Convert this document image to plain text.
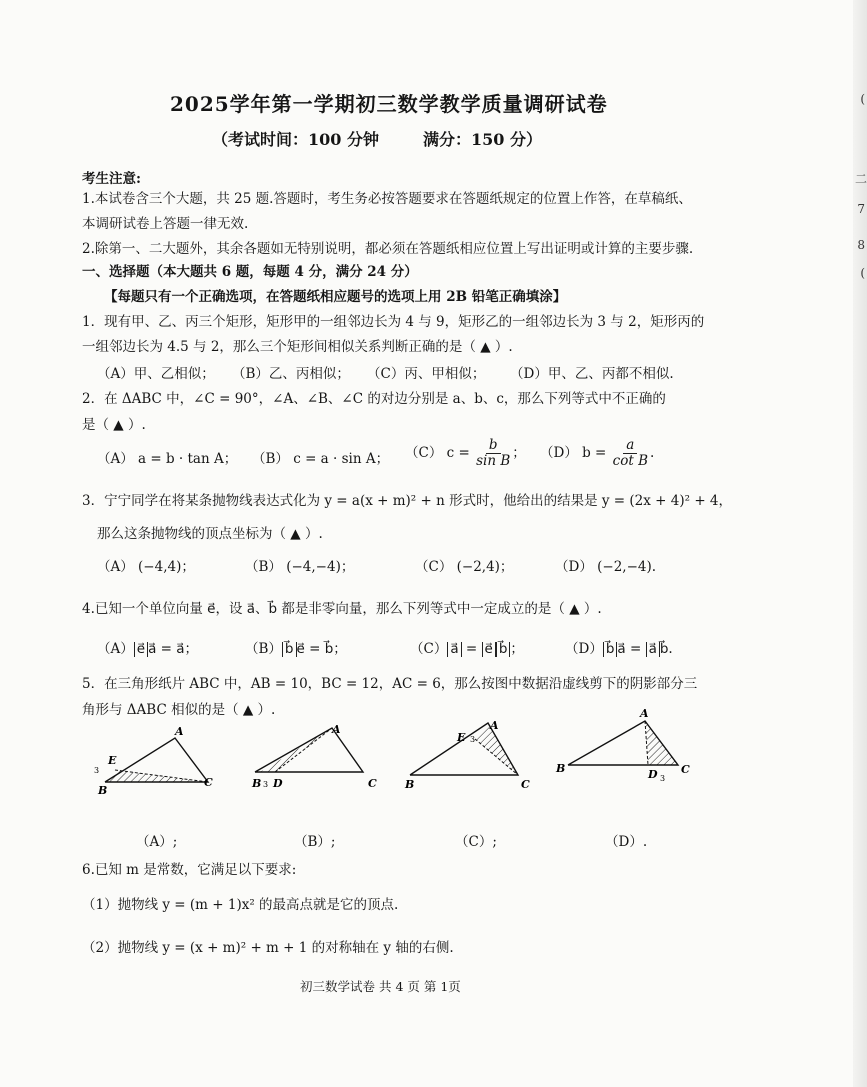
(
二
7
8
(
2025学年第一学期初三数学教学质量调研试卷
（考试时间：100 分钟	满分：150 分）
考生注意:
1.本试卷含三个大题，共 25 题.答题时，考生务必按答题要求在答题纸规定的位置上作答，在草稿纸、
本调研试卷上答题一律无效.
2.除第一、二大题外，其余各题如无特别说明，都必须在答题纸相应位置上写出证明或计算的主要步骤.
一、选择题（本大题共 6 题，每题 4 分，满分 24 分）
【每题只有一个正确选项，在答题纸相应题号的选项上用 2B 铅笔正确填涂】
1．现有甲、乙、丙三个矩形，矩形甲的一组邻边长为 4 与 9，矩形乙的一组邻边长为 3 与 2，矩形丙的
一组邻边长为 4.5 与 2，那么三个矩形间相似关系判断正确的是（ ▲ ）.
（A）甲、乙相似； （B）乙、丙相似； （C）丙、甲相似； （D）甲、乙、丙都不相似.
2．在 ΔABC 中，∠C = 90°，∠A、∠B、∠C 的对边分别是 a、b、c，那么下列等式中不正确的
是（ ▲ ）.
（A） a = b · tan A； （B） c = a · sin A； （C） $c = \frac{b}{\text{sin B}}$ ； （D） $b = \frac{a}{\text{cot B}}$ .
3．宁宁同学在将某条抛物线表达式化为 y = a(x + m)² + n 形式时，他给出的结果是 y = (2x + 4)² + 4，
那么这条抛物线的顶点坐标为（ ▲ ）.
（A） (−4,4)；	（B） (−4,−4)；	（C） (−2,4)；	（D） (−2,−4).
4.已知一个单位向量 e⃗，设 a⃗、b⃗ 都是非零向量，那么下列等式中一定成立的是（ ▲ ）.
（A） e⃗ a⃗ = a⃗；	（B） b⃗ e⃗ = b⃗；	（C） a⃗ = e⃗ b⃗ ；	（D） b⃗ a⃗ = a⃗ b⃗.
5．在三角形纸片 ABC 中，AB = 10，BC = 12，AC = 6，那么按图中数据沿虚线剪下的阴影部分三
角形与 ΔABC 相似的是（ ▲ ）.
A
E
3
B
C
A
B 3 D	C
A
E 3
B	C
A
B	D 3
C
（A）;	（B）;	（C）;	（D）.
6.已知 m 是常数，它满足以下要求:
（1）抛物线 y = (m + 1)x² 的最高点就是它的顶点.
（2）抛物线 y = (x + m)² + m + 1 的对称轴在 y 轴的右侧.
初三数学试卷 共 4 页 第 1页
